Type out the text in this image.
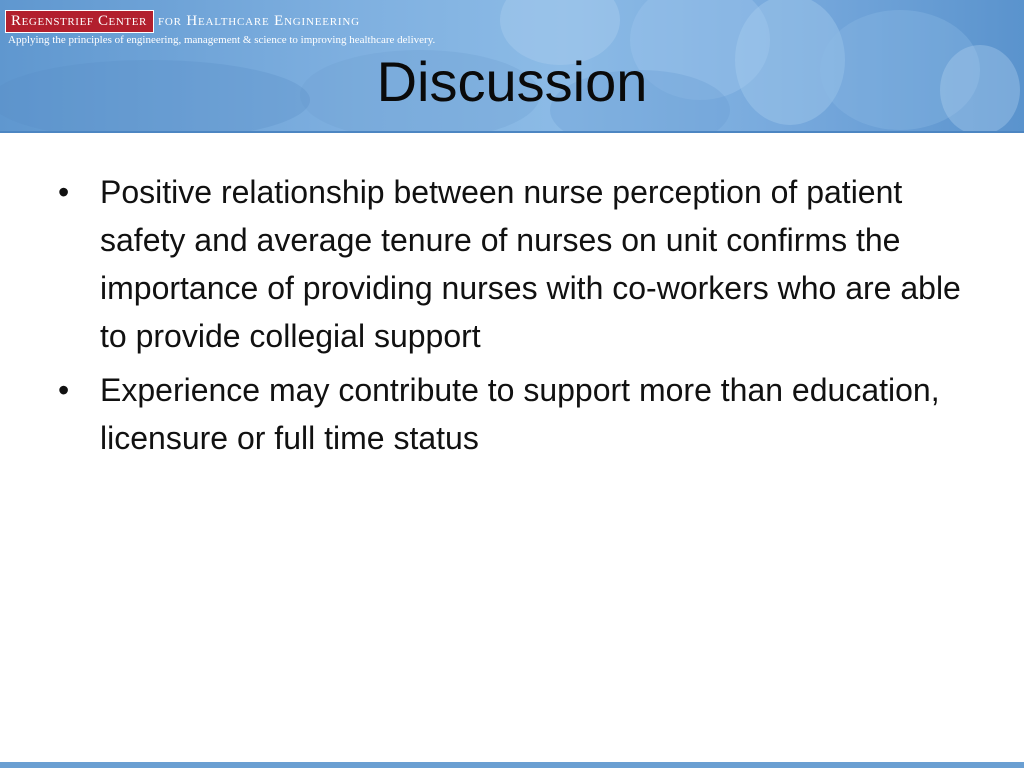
Regenstrief Center for Healthcare Engineering
Applying the principles of engineering, management & science to improving healthcare delivery.
Discussion
• Positive relationship between nurse perception of patient safety and average tenure of nurses on unit confirms the importance of providing nurses with co-workers who are able to provide collegial support
• Experience may contribute to support more than education, licensure or full time status
